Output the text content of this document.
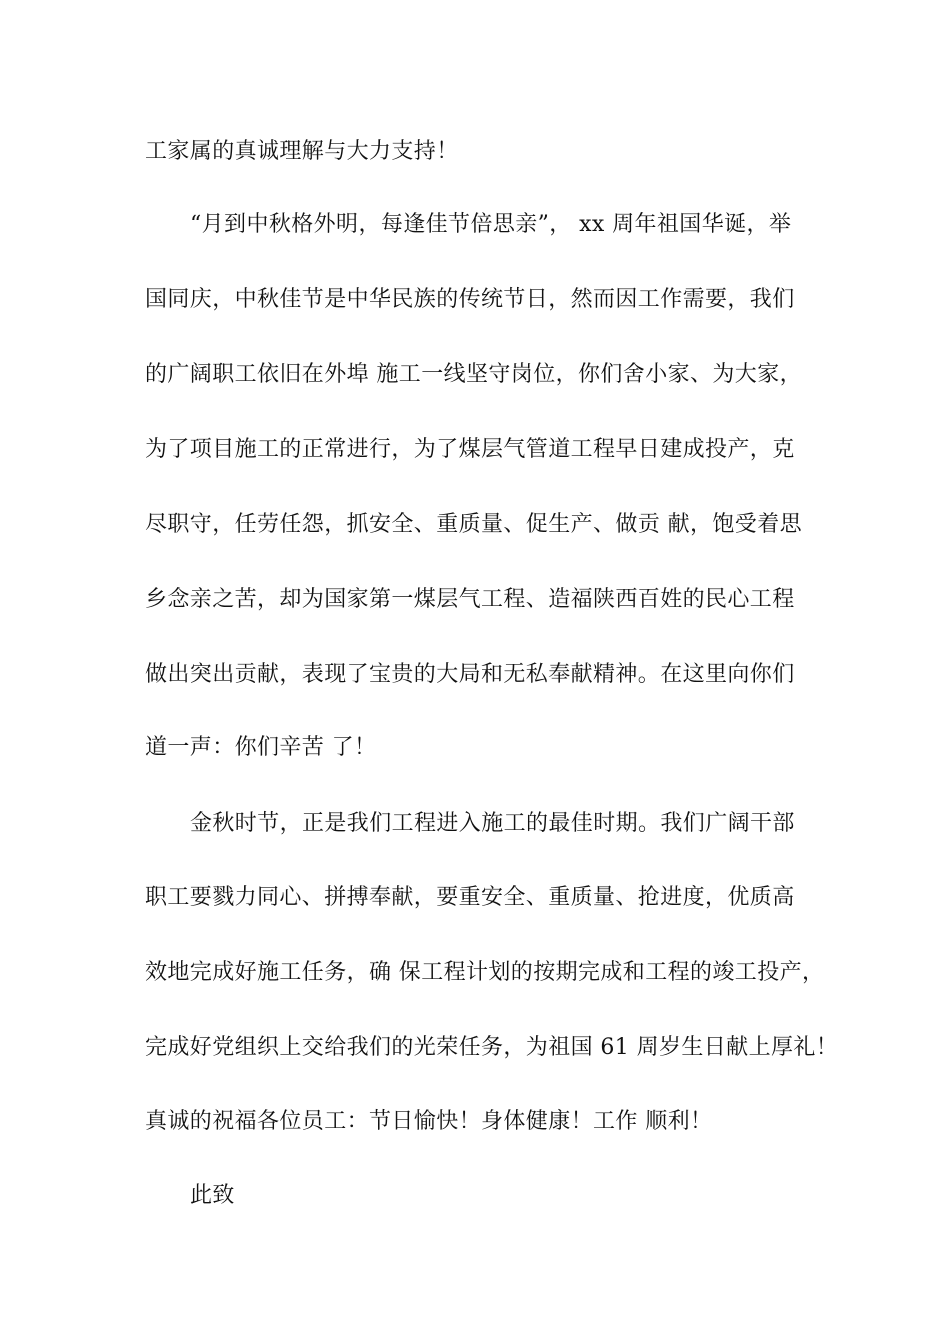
工家属的真诚理解与大力支持！
“月到中秋格外明，每逢佳节倍思亲”， xx 周年祖国华诞，举
国同庆，中秋佳节是中华民族的传统节日，然而因工作需要，我们
的广阔职工依旧在外埠 施工一线坚守岗位，你们舍小家、为大家，
为了项目施工的正常进行，为了煤层气管道工程早日建成投产，克
尽职守，任劳任怨，抓安全、重质量、促生产、做贡 献，饱受着思
乡念亲之苦，却为国家第一煤层气工程、造福陕西百姓的民心工程
做出突出贡献，表现了宝贵的大局和无私奉献精神。在这里向你们
道一声：你们辛苦 了！
金秋时节，正是我们工程进入施工的最佳时期。我们广阔干部
职工要戮力同心、拼搏奉献，要重安全、重质量、抢进度，优质高
效地完成好施工任务，确 保工程计划的按期完成和工程的竣工投产，
完成好党组织上交给我们的光荣任务，为祖国 61 周岁生日献上厚礼！
真诚的祝福各位员工：节日愉快！身体健康！工作 顺利！
此致
